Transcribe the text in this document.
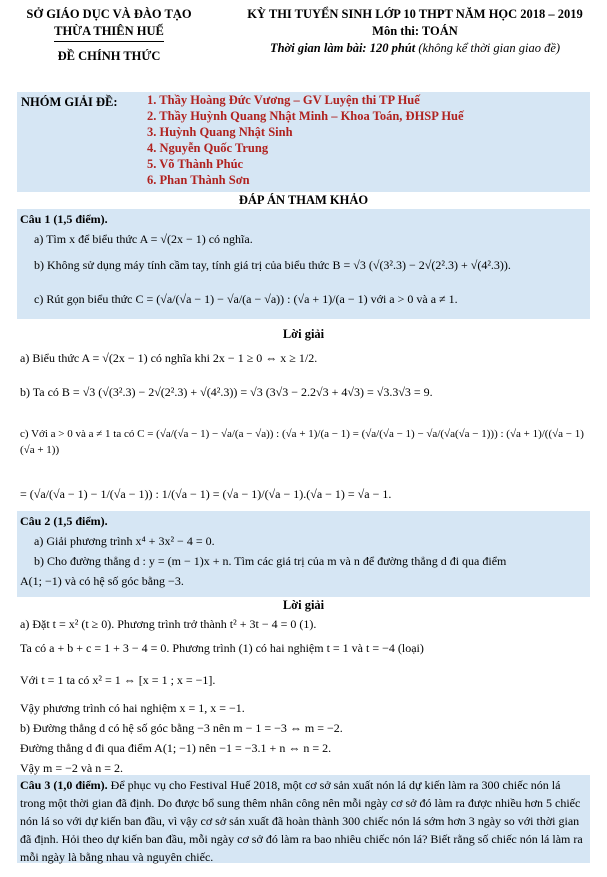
SỞ GIÁO DỤC VÀ ĐÀO TẠO
THỪA THIÊN HUẾ
ĐỀ CHÍNH THỨC
KỲ THI TUYỂN SINH LỚP 10 THPT NĂM HỌC 2018 – 2019
Môn thi: TOÁN
Thời gian làm bài: 120 phút (không kể thời gian giao đề)
NHÓM GIẢI ĐỀ: 1. Thầy Hoàng Đức Vương – GV Luyện thi TP Huế
2. Thầy Huỳnh Quang Nhật Minh – Khoa Toán, ĐHSP Huế
3. Huỳnh Quang Nhật Sinh
4. Nguyễn Quốc Trung
5. Võ Thành Phúc
6. Phan Thành Sơn
ĐÁP ÁN THAM KHẢO
Câu 1 (1,5 điểm).
a) Tìm x để biểu thức A = √(2x − 1) có nghĩa.
b) Không sử dụng máy tính cầm tay, tính giá trị của biểu thức B = √3 (√(3².3) − 2√(2².3) + √(4².3)).
c) Rút gọn biểu thức C = (√a/(√a − 1) − √a/(a − √a)) : (√a + 1)/(a − 1) với a > 0 và a ≠ 1.
Lời giải
a) Biểu thức A = √(2x − 1) có nghĩa khi 2x − 1 ≥ 0 ⇔ x ≥ 1/2.
b) Ta có B = √3 (√(3².3) − 2√(2².3) + √(4².3)) = √3 (3√3 − 2.2√3 + 4√3) = √3.3√3 = 9.
c) Với a > 0 và a ≠ 1 ta có C = (√a/(√a − 1) − √a/(a − √a)) : (√a + 1)/(a − 1) = (√a/(√a − 1) − √a/(√a(√a − 1))) : (√a + 1)/((√a − 1)(√a + 1))
= (√a/(√a − 1) − 1/(√a − 1)) : 1/(√a − 1) = (√a − 1)/(√a − 1).(√a − 1) = √a − 1.
Câu 2 (1,5 điểm).
a) Giải phương trình x⁴ + 3x² − 4 = 0.
b) Cho đường thẳng d : y = (m − 1)x + n. Tìm các giá trị của m và n để đường thẳng d đi qua điểm
A(1; −1) và có hệ số góc bằng −3.
Lời giải
a) Đặt t = x² (t ≥ 0). Phương trình trở thành t² + 3t − 4 = 0 (1).
Ta có a + b + c = 1 + 3 − 4 = 0. Phương trình (1) có hai nghiệm t = 1 và t = −4 (loại)
Với t = 1 ta có x² = 1 ⇔ [x = 1 ; x = −1].
Vậy phương trình có hai nghiệm x = 1, x = −1.
b) Đường thẳng d có hệ số góc bằng −3 nên m − 1 = −3 ⇔ m = −2.
Đường thẳng d đi qua điểm A(1; −1) nên −1 = −3.1 + n ⇔ n = 2.
Vậy m = −2 và n = 2.
Câu 3 (1,0 điểm). Để phục vụ cho Festival Huế 2018, một cơ sở sản xuất nón lá dự kiến làm ra 300 chiếc nón lá trong một thời gian đã định. Do được bổ sung thêm nhân công nên mỗi ngày cơ sở đó làm ra được nhiều hơn 5 chiếc nón lá so với dự kiến ban đầu, vì vậy cơ sở sản xuất đã hoàn thành 300 chiếc nón lá sớm hơn 3 ngày so với thời gian đã định. Hỏi theo dự kiến ban đầu, mỗi ngày cơ sở đó làm ra bao nhiêu chiếc nón lá? Biết rằng số chiếc nón lá làm ra mỗi ngày là bằng nhau và nguyên chiếc.
